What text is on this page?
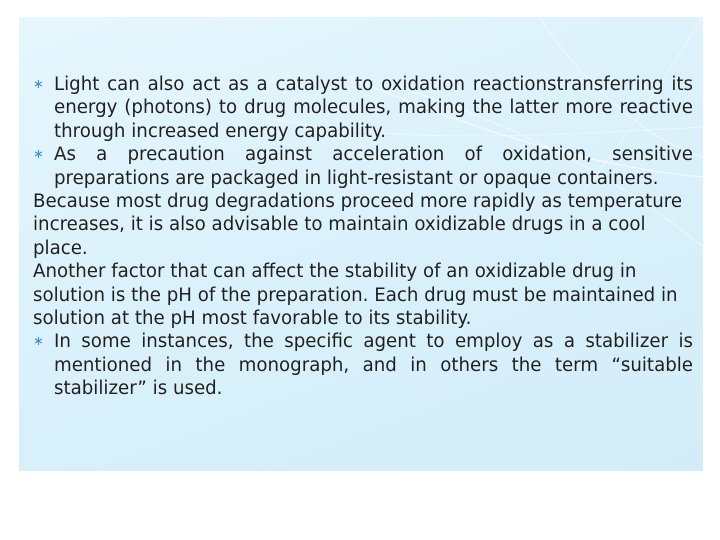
∗ Light can also act as a catalyst to oxidation reactionstransferring its energy (photons) to drug molecules, making the latter more reactive through increased energy capability.
∗ As a precaution against acceleration of oxidation, sensitive preparations are packaged in light-resistant or opaque containers.
Because most drug degradations proceed more rapidly as temperature increases, it is also advisable to maintain oxidizable drugs in a cool place.
Another factor that can affect the stability of an oxidizable drug in solution is the pH of the preparation. Each drug must be maintained in solution at the pH most favorable to its stability.
∗ In some instances, the specific agent to employ as a stabilizer is mentioned in the monograph, and in others the term “suitable stabilizer” is used.
